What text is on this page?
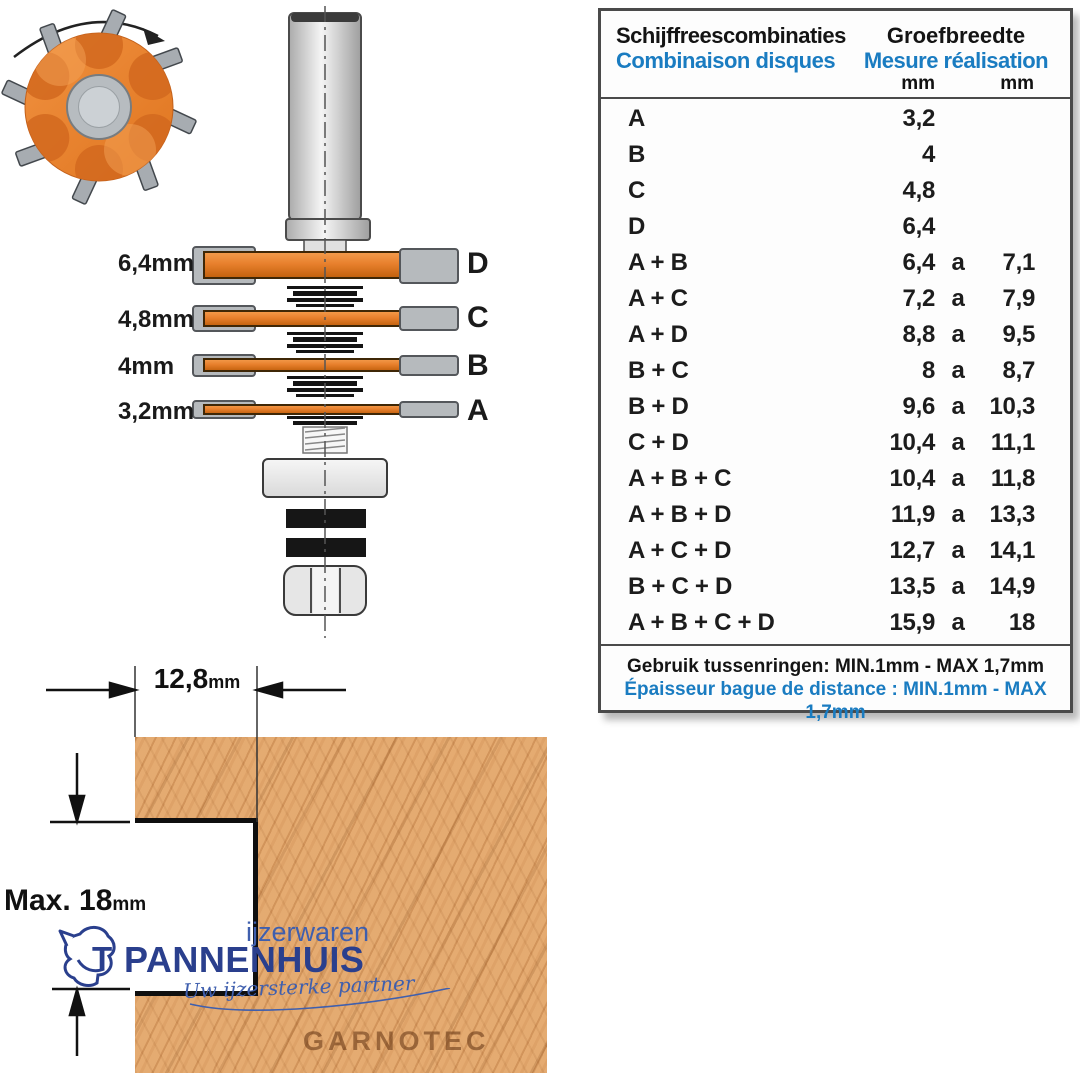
6,4mm
4,8mm
4mm
3,2mm
D
C
B
A
Schijffreescombinaties
Combinaison disques
Groefbreedte
Mesure réalisation
mm	mm
A	3,2
B	4
C	4,8
D	6,4
A + B	6,4 a	7,1
A + C	7,2 a	7,9
A + D	8,8 a	9,5
B + C	8 a	8,7
B + D	9,6 a	10,3
C + D	10,4 a	11,1
A + B + C	10,4 a	11,8
A + B + D	11,9 a	13,3
A + C + D	12,7 a	14,1
B + C + D	13,5 a	14,9
A + B + C + D	15,9 a	18
Gebruik tussenringen: MIN.1mm - MAX 1,7mm
Épaisseur bague de distance : MIN.1mm - MAX 1,7mm
GARNOTEC
12,8mm
Max. 18mm
T
ijzerwaren
PANNENHUIS
Uw ijzersterke partner
